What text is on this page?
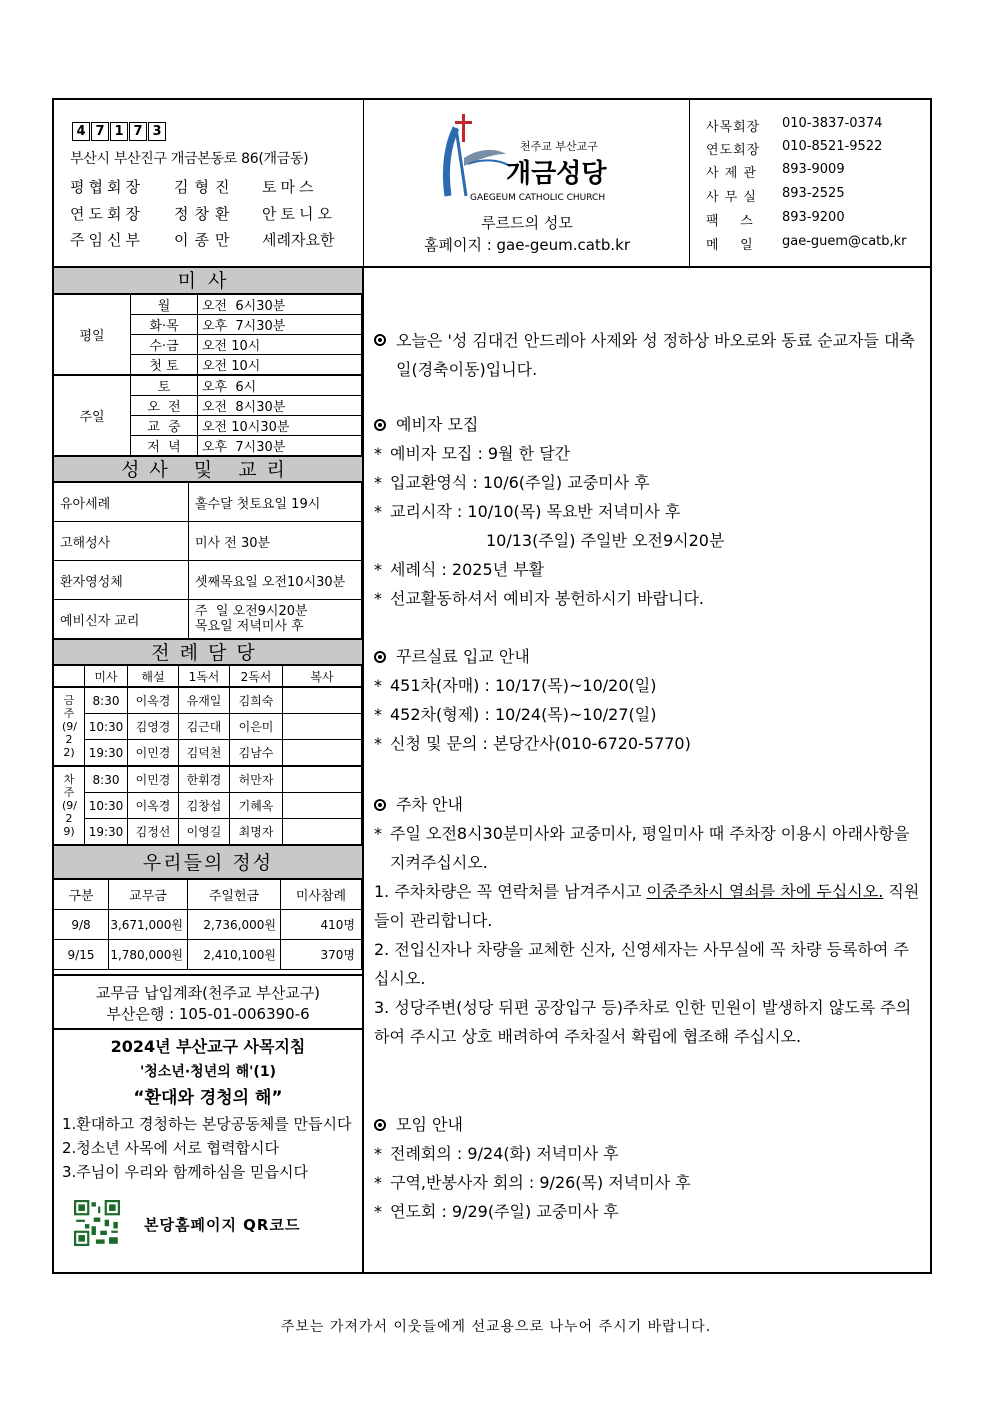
4 7 1 7 3
부산시 부산진구 개금본동로 86(개금동)
평협회장	김형진	토마스
연도회장	정창환	안토니오
주임신부	이종만	세례자요한
천주교 부산교구
개금성당
GAEGEUM CATHOLIC CHURCH
루르드의 성모
홈페이지 : gae-geum.catb.kr
사목회장	010-3837-0374
연도회장	010-8521-9522
사 제 관	893-9009
사 무 실	893-2525
팩    스	893-9200
메    일	gae-guem@catb,kr
미사
평일	월	오전  6시30분
	화·목	오후  7시30분
	수·금	오전 10시
	첫 토	오전 10시
주일	토	오후  6시
	오  전	오전  8시30분
	교  중	오전 10시30분
	저  녁	오후  7시30분
성사 및 교리
유아세례	홀수달 첫토요일 19시
고해성사	미사 전 30분
환자영성체	셋째목요일 오전10시30분
예비신자 교리	주  일 오전9시20분
목요일 저녁미사 후
전례담당
	미사	해설	1독서	2독서	복사

금주(9/22)	8:30	이옥경	유재일	김희숙	
	10:30	김영경	김근대	이은미	
	19:30	이민경	김덕천	김남수	

차주(9/29)	8:30	이민경	한휘경	허만자	
	10:30	이옥경	김창섭	기혜옥	
	19:30	김정선	이영길	최명자	
우리들의 정성
구분	교무금	주일헌금	미사참례
9/8	3,671,000원	2,736,000원	410명
9/15	1,780,000원	2,410,100원	370명
교무금 납입계좌(천주교 부산교구)
부산은행 : 105-01-006390-6
2024년 부산교구 사목지침
'청소년·청년의 해'(1)
“환대와 경청의 해”
1.환대하고 경청하는 본당공동체를 만듭시다
2.청소년 사목에 서로 협력합시다
3.주님이 우리와 함께하심을 믿읍시다
본당홈페이지 QR코드
오늘은 '성 김대건 안드레아 사제와 성 정하상 바오로와 동료 순교자들 대축일(경축이동)입니다.
예비자 모집
* 예비자 모집 : 9월 한 달간
* 입교환영식 : 10/6(주일) 교중미사 후
* 교리시작 : 10/10(목) 목요반 저녁미사 후
10/13(주일) 주일반 오전9시20분
* 세례식 : 2025년 부활
* 선교활동하셔서 예비자 봉헌하시기 바랍니다.
꾸르실료 입교 안내
* 451차(자매) : 10/17(목)~10/20(일)
* 452차(형제) : 10/24(목)~10/27(일)
* 신청 및 문의 : 본당간사(010-6720-5770)
주차 안내
* 주일 오전8시30분미사와 교중미사, 평일미사 때 주차장 이용시 아래사항을 지켜주십시오.
1. 주차차량은 꼭 연락처를 남겨주시고 이중주차시 열쇠를 차에 두십시오. 직원들이 관리합니다.
2. 전입신자나 차량을 교체한 신자, 신영세자는 사무실에 꼭 차량 등록하여 주십시오.
3. 성당주변(성당 뒤편 공장입구 등)주차로 인한 민원이 발생하지 않도록 주의하여 주시고 상호 배려하여 주차질서 확립에 협조해 주십시오.
모임 안내
* 전례회의 : 9/24(화) 저녁미사 후
* 구역,반봉사자 회의 : 9/26(목) 저녁미사 후
* 연도회 : 9/29(주일) 교중미사 후
주보는 가져가서 이웃들에게 선교용으로 나누어 주시기 바랍니다.
